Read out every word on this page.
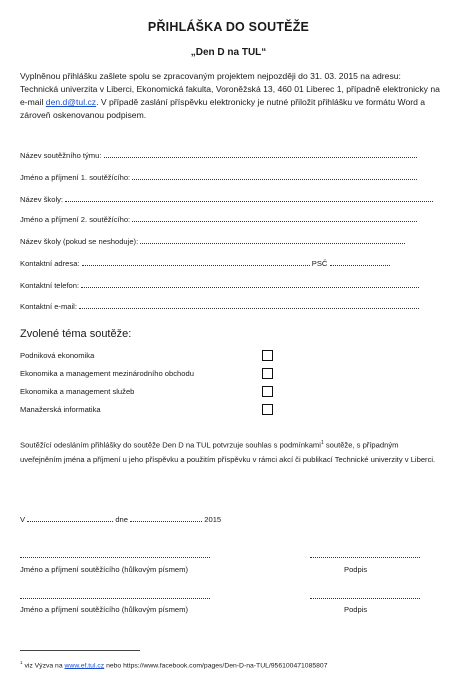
PŘIHLÁŠKA DO SOUTĚŽE
„Den D na TUL“
Vyplněnou přihlášku zašlete spolu se zpracovaným projektem nejpozději do 31. 03. 2015 na adresu: Technická univerzita v Liberci, Ekonomická fakulta, Voroněžská 13, 460 01 Liberec 1, případně elektronicky na e-mail den.d@tul.cz. V případě zaslání příspěvku elektronicky je nutné přiložit přihlášku ve formátu Word a zároveň oskenovanou podpisem.
Název soutěžního týmu:
Jméno a příjmení 1. soutěžícího:
Název školy:
Jméno a příjmení 2. soutěžícího:
Název školy (pokud se neshoduje):
Kontaktní adresa:	PSČ
Kontaktní telefon:
Kontaktní e-mail:
Zvolené téma soutěže:
Podniková ekonomika
Ekonomika a management mezinárodního obchodu
Ekonomika a management služeb
Manažerská informatika
Soutěžící odesláním přihlášky do soutěže Den D na TUL potvrzuje souhlas s podmínkami$^1$ soutěže, s případným uveřejněním jména a příjmení u jeho příspěvku a použitím příspěvku v rámci akcí či publikací Technické univerzity v Liberci.
V	dne	2015
Jméno a příjmení soutěžícího (hůlkovým písmem)	Podpis
Jméno a příjmení soutěžícího (hůlkovým písmem)	Podpis
$^1$ viz Výzva na www.ef.tul.cz nebo https://www.facebook.com/pages/Den-D-na-TUL/956100471085807
